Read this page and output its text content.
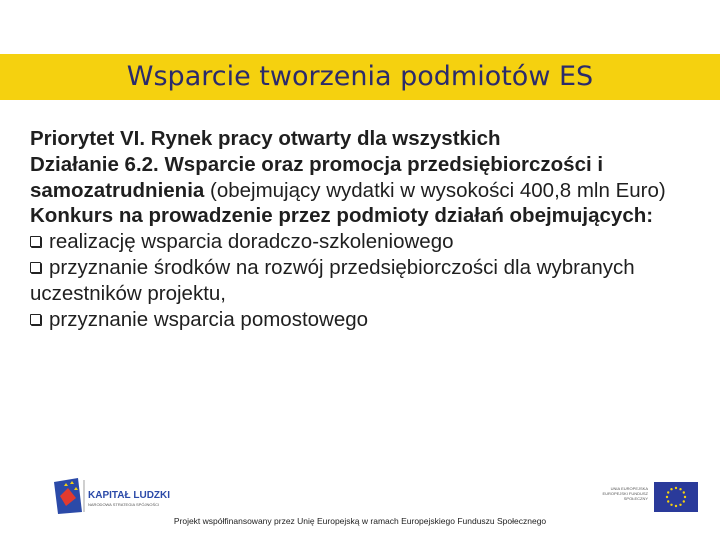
Wsparcie tworzenia podmiotów ES

Priorytet VI. Rynek pracy otwarty dla wszystkich

Działanie 6.2. Wsparcie oraz promocja przedsiębiorczości i samozatrudnienia (obejmujący wydatki w wysokości 400,8 mln Euro)

Konkurs na prowadzenie przez podmioty działań obejmujących:

realizację wsparcia doradczo-szkoleniowego

przyznanie środków na rozwój przedsiębiorczości dla wybranych uczestników projektu,

przyznanie wsparcia pomostowego

KAPITAŁ LUDZKI
NARODOWA STRATEGIA SPÓJNOŚCI
UNIA EUROPEJSKA EUROPEJSKI FUNDUSZ SPOŁECZNY
Projekt współfinansowany przez Unię Europejską w ramach Europejskiego Funduszu Społecznego
